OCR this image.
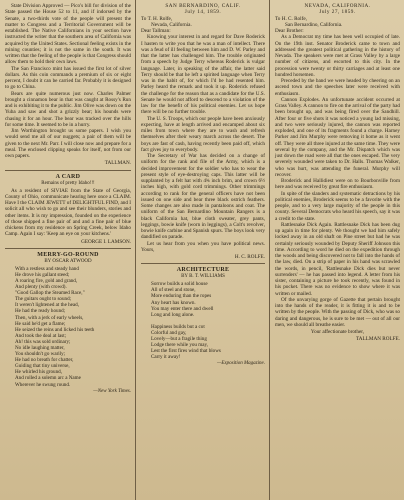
State Division Approved — Pico's bill for division of the State passed the House 52 to 11, and if indorsed by the Senate, a two-thirds vote of the people will present the matter to Congress and a Territorial Government will be established. The Native Californians in your section have instructed the writer that the southern area of California was acquired by the United States. Sectional feeling exists in the mining counties; it is not the same in the south. It was written that the feeling of the people is that Congress should allow them to hold their own laws.

The San Francisco mint has issued the first lot of silver dollars. As this coin commands a premium of six or eight percent, I doubt it can be carried far. Probably it is designed to go to China.

Bears are quite numerous just now. Charles Palmer brought a cinnamon bear in that was caught at Rossy's Run and is exhibiting it to the public. Jim Olive was down on the Yuba and saw and shot a grizzly bear; his hounds were chasing it for an hour. The bear was tracked over the hills for some time. It seemed to be in a hurry.

Jim Worthington brought us some papers. I wish you would send me all of our nuggets; a pair of them will be given to the next Mr. Parr. I will close now and prepare for a meal. The enclosed clipping speaks for itself, not from our own papers.

TALLMAN.

A CARD
Remains of pretty Idaho!!!

As a resident of SIVIAE from the State of Georgia, County of Ohio, communicate hearing here once a CLAIM. Have I the CLAIM JEWETT of DELIGHTFUL FIND, and I solicit all who wish to go and see their blunders, stories and other items. It is my impression, founded on the experience of those shipped a fine pair of and and a fine pair of blue chickens from my residence on Spring Creek, below Idaho Camp. Again I say: 'Keep an eye on your kitchens.'

GEORGE I. LAMSON.

MERRY-GO-ROUND
BY OSCAR ATWOOD

With a restless and steady hand
He drove his gallant steed;
A roaring fire, gold and grand,
And plenty (with crowd).
"Good Gallop the Steamed Race,"
The guitars ought to sound;
It weren't lightened at the head,
He had the ready hound;
Then, with a jerk of early wheels,
He said he'd get a flame;
He seized the reins and licked his teeth
And took the deal at last;
Ah! this was sold ordinary;
No idle laughing matter,
You shouldn't go warily;
He had no breath for chatter,
Guiding that tiny universe,
He whirled his ground,
And rolled a solemn arc a Name
Wherever he swung round.

—New York Times.

SAN BERNARDINO, CALIF.
July 14, 1859.

To T. H. Rolfe,

Nevada, California.

Dear Tallman:

Knowing your interest in and regard for Dave Roderick I hasten to write you that he was a man of intellect. There was a feud of ill feeling between him and D. W. Parley and that the latter has challenged him. The trouble originated from a speech by Judge Terry whereas Roderick is vulgar language. Later, in speaking of the affair, the latter said Terry should be that he left a spirited language when Terry was in the habit of, for which I'd be had resented him. Parley heard the remark and took it up. Roderick refused the challenge for the reason that as a candidate for the U.S. Senate he would not afford to descend to a violation of the law for the benefit of his political enemies. Let us hope there will be no further trouble.

The U. S. Troops, which our people have been anxiously expecting, have at length arrived and encamped about six miles from town where they are to wash and refresh themselves after their weary march across the desert. The boys are fast of cash, having recently been paid off, which fact gives joy to everybody.

The Secretary of War has decided on a change of uniform for the rank and file of the Army, which is a decided improvement for the soldier who has to wear the present style of eye-destroying caps. This latter will be supplanted by a felt hat with 4¾ inch brim, and crown 6½ inches high, with gold cord trimmings. Other trimmings according to rank for the general officers have not been issued on one side and bear three black ostrich feathers. Some changes are also made in pantaloons and coat. The uniform of the San Bernardino Mountain Rangers is a black California hat, blue cloth sweater, grey pants, leggings, bowie knife (worn in leggings), a Colt's revolver, bowie knife carbine and Spanish spurs. The boys look very dandified on parade.

Let us hear from you when you have political news. Yours,

H. C. ROLFE.

ARCHITECTURE
BY B. T. WILLIAMS

Sorrow builds a solid house
All of steel and stone,
More enduring than the ropes
Any heart has known.
You may enter there and dwell
Long and long alone.

Happiness builds but a cot
Colorful and gay,
Lovely—but a fragile thing
Lodge there while you may,
Lest the first fires wind that blows
Carry it away!

—Exposition Magazine.

NEVADA, CALIFORNIA.
July 27, 1859.

To H. C. Rolfe,

San Bernardino, California.

Dear Brother:

As a Democrat my time has been well occupied of late. On the 19th inst. Senator Broderick came to town and addressed the greatest political gathering in the history of Nevada. The speakers were met at Grass Valley by a large number of citizens, and escorted to this city. In the procession were twenty or thirty carriages and at least one hundred horsemen.

Preceded by the band we were headed by cheering on an ascend town and the speeches later were received with enthusiasm.

Cannon Explodes. An unfortunate accident occurred at Grass Valley. A cannon to fire on the arrival of the party had been brought up, and was being fired over the Sandhill. After four or five shots it was noticed a young lad missing, and two were seriously injured, the cannon was reported exploded, and one of its fragments found a charge. Harney Parker and Jim Murphy were removing it home as it went off. They were all three injured at the same time. They were several by the company, and the Mr. Dispatch which was just down the road were all that the ones escaped. The very severely wounded were taken to Dr. Halls. Thomas Walker, who was hurt, was attending the funeral. Murphy will recover.

Broderick and Hallidiest were on to Bourbonville from here and was received by great fire enthusiasm.

In spite of the slanders and systematic detractions by his political enemies, Broderick seems to be a favorite with the people, and to a very large majority of the people in this county. Several Democrats who heard his speech, say it was a credit to the state.

Rattlesnake Dick Again. Rattlesnake Dick has been dug up again in time for plenty. We thought we had him safely locked away in an old shaft on Pine street but had he was certainly seriously wounded by Deputy Sheriff Johnson this time. According to word he died on the expedition through the woods and being discovered not to fall into the hands of the law, died. On a strip of paper in his hand was scrawled the words, in pencil, 'Rattlesnake Dick dies but never surrenders' — he has passed into legend. A letter from his sister, containing a picture he took recently, was found in his pocket. There was no evidence to show where it was written or mailed.

Of the unvarying gorge of Gazette that pertain brought into the hands of the reader, it is fitting it is and to be written by the people. With the passing of Dick, who was so daring and dangerous, he is sure to be met — out of all our men, we should all breathe easier.

Your affectionate brother,

TALLMAN ROLFE.
